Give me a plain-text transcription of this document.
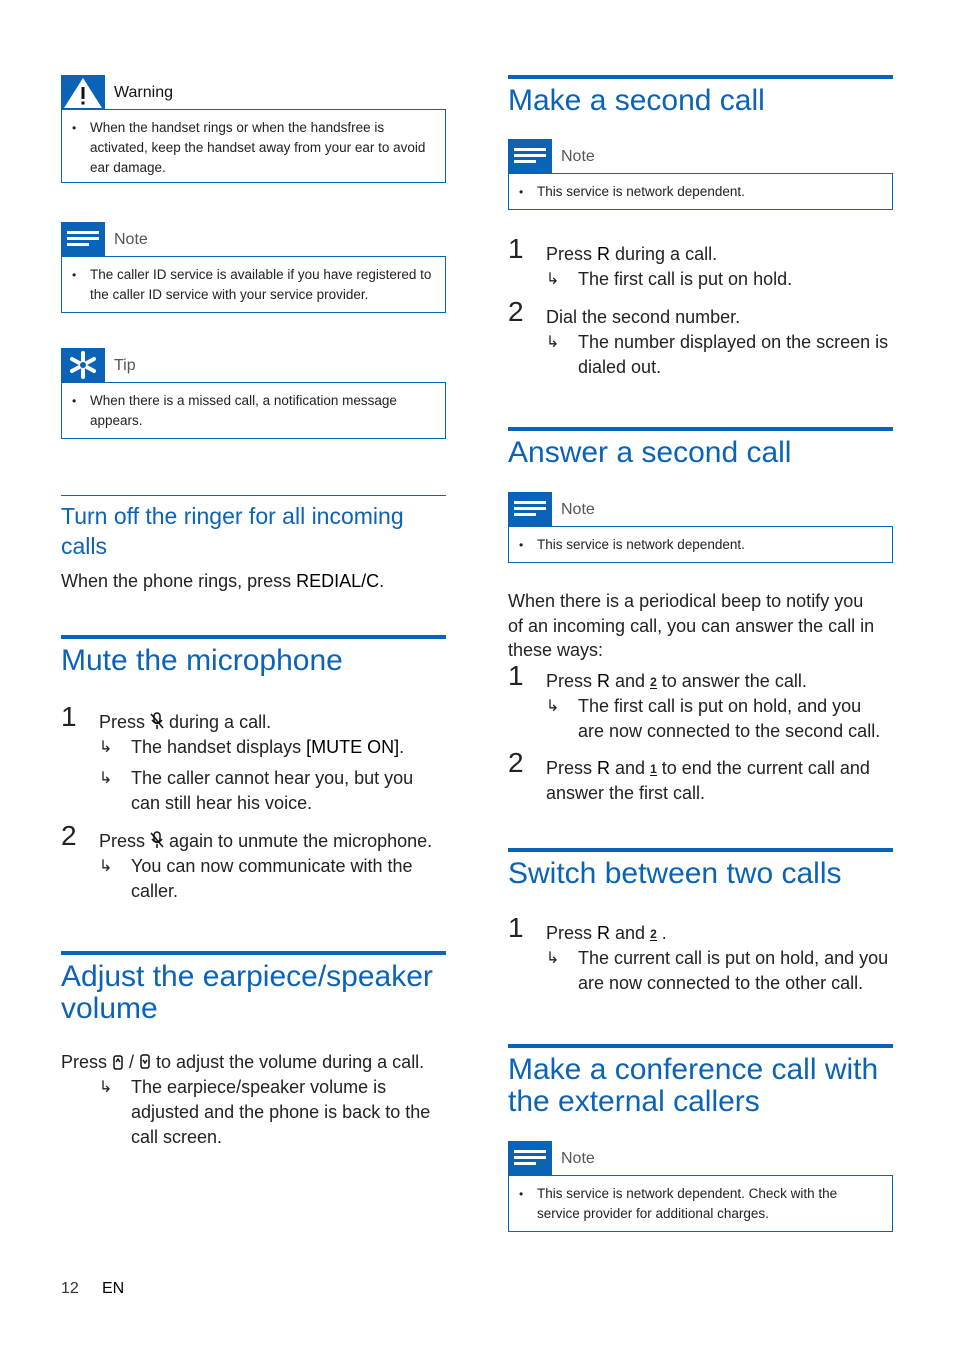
Warning
• When the handset rings or when the handsfree is activated, keep the handset away from your ear to avoid ear damage.
Note
• The caller ID service is available if you have registered to the caller ID service with your service provider.
Tip
• When there is a missed call, a notification message appears.
Turn off the ringer for all incoming calls
When the phone rings, press REDIAL/C.
Mute the microphone
1 Press  during a call.
↳ The handset displays [MUTE ON].
↳ The caller cannot hear you, but you can still hear his voice.
2 Press  again to unmute the microphone.
↳ You can now communicate with the caller.
Adjust the earpiece/speaker volume
Press  /  to adjust the volume during a call.
↳ The earpiece/speaker volume is adjusted and the phone is back to the call screen.
Make a second call
Note
• This service is network dependent.
1 Press R during a call.
↳ The first call is put on hold.
2 Dial the second number.
↳ The number displayed on the screen is dialed out.
Answer a second call
Note
• This service is network dependent.
When there is a periodical beep to notify you of an incoming call, you can answer the call in these ways:
1 Press R and 2 to answer the call.
↳ The first call is put on hold, and you are now connected to the second call.
2 Press R and 1 to end the current call and answer the first call.
Switch between two calls
1 Press R and 2 .
↳ The current call is put on hold, and you are now connected to the other call.
Make a conference call with the external callers
Note
• This service is network dependent. Check with the service provider for additional charges.
12 EN
